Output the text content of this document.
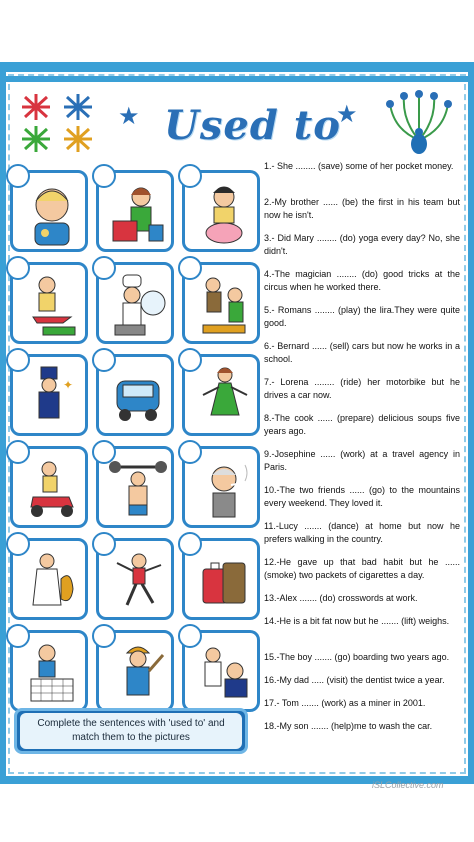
★ Used to
★
✦
Complete the sentences with 'used to' and
match them to the pictures

1.- She ........ (save) some of her pocket money.

2.-My brother ...... (be) the first in his team but now he isn't.

3.- Did Mary ........ (do) yoga every day? No, she didn't.

4.-The magician ........ (do) good tricks at the circus when he worked there.

5.- Romans ........ (play) the lira.They were quite good.

6.- Bernard ...... (sell) cars but now he works in a school.

7.- Lorena ........ (ride) her motorbike but he drives a car now.

8.-The cook ...... (prepare) delicious soups five years ago.

9.-Josephine ...... (work) at a travel agency in Paris.

10.-The two friends ...... (go) to the mountains every weekend. They loved it.

11.-Lucy ....... (dance) at home but now he prefers walking in the country.

12.-He gave up that bad habit but he ...... (smoke) two packets of cigarettes a day.

13.-Alex ....... (do) crosswords at work.

14.-He is a bit fat now but he ....... (lift) weighs.

15.-The boy ....... (go) boarding two years ago.

16.-My dad ..... (visit) the dentist twice a year.

17.- Tom ....... (work) as a miner in 2001.

18.-My son ....... (help)me to wash the car.

iSLCollective.com
